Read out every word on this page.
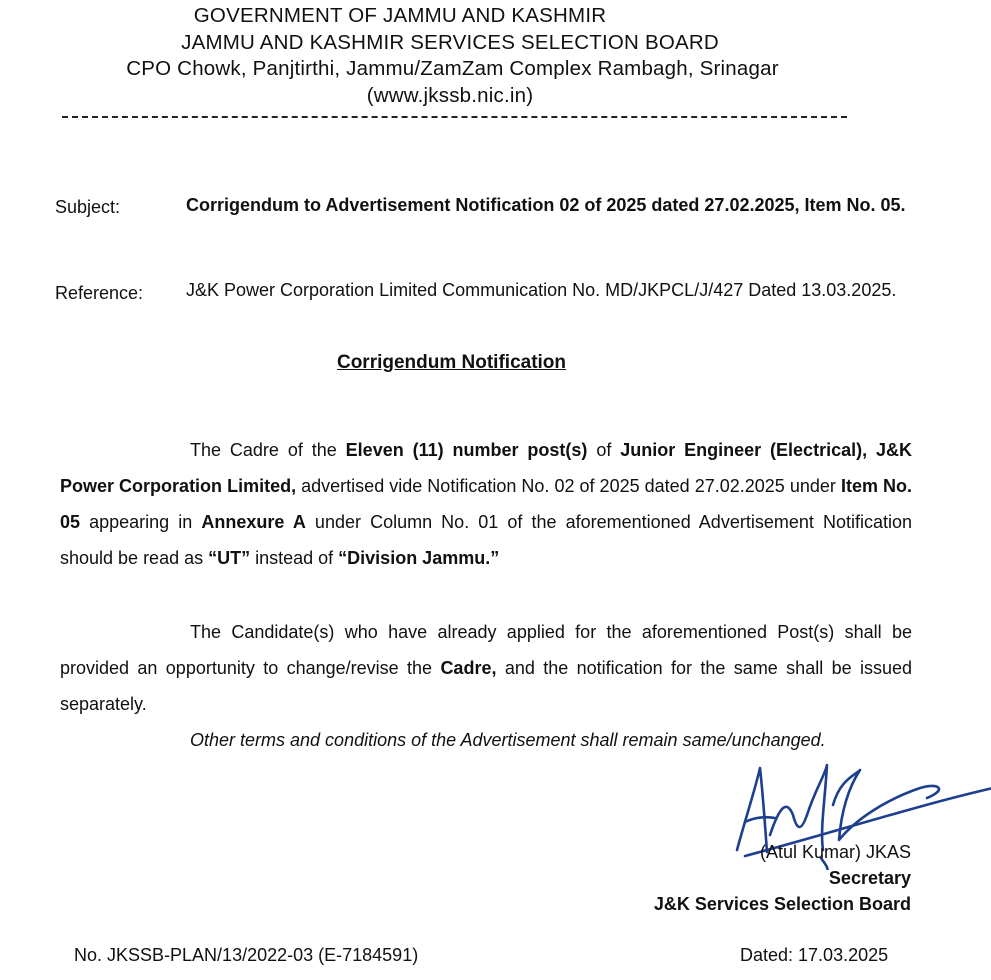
GOVERNMENT OF JAMMU AND KASHMIR
JAMMU AND KASHMIR SERVICES SELECTION BOARD
CPO Chowk, Panjtirthi, Jammu/ZamZam Complex Rambagh, Srinagar
(www.jkssb.nic.in)
Subject:	Corrigendum to Advertisement Notification 02 of 2025 dated 27.02.2025, Item No. 05.
Reference: J&K Power Corporation Limited Communication No. MD/JKPCL/J/427 Dated 13.03.2025.
Corrigendum Notification
The Cadre of the Eleven (11) number post(s) of Junior Engineer (Electrical), J&K Power Corporation Limited, advertised vide Notification No. 02 of 2025 dated 27.02.2025 under Item No. 05 appearing in Annexure A under Column No. 01 of the aforementioned Advertisement Notification should be read as “UT” instead of “Division Jammu.”
The Candidate(s) who have already applied for the aforementioned Post(s) shall be provided an opportunity to change/revise the Cadre, and the notification for the same shall be issued separately.
Other terms and conditions of the Advertisement shall remain same/unchanged.
(Atul Kumar) JKAS
Secretary
J&K Services Selection Board
No. JKSSB-PLAN/13/2022-03 (E-7184591)	Dated: 17.03.2025
